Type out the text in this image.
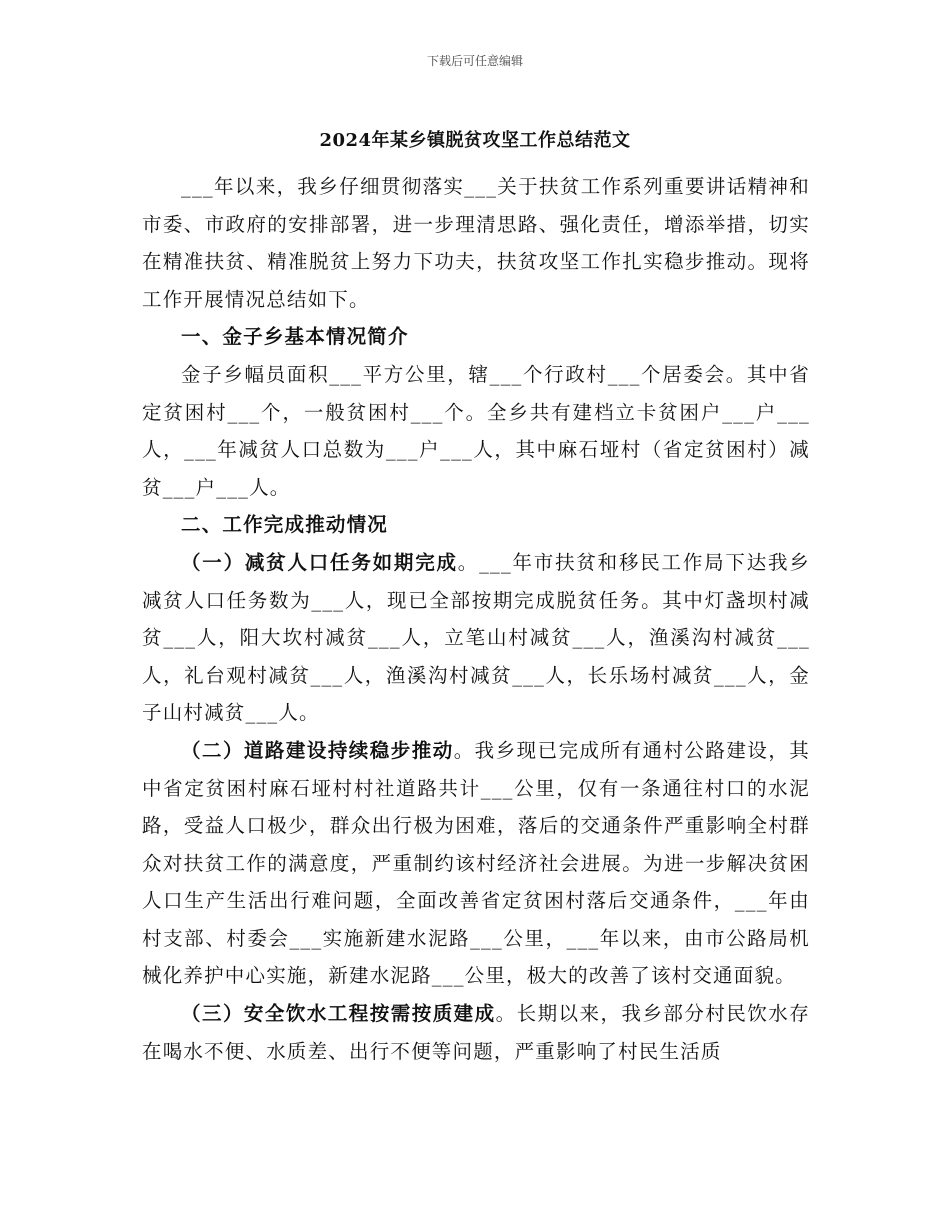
下载后可任意编辑
2024年某乡镇脱贫攻坚工作总结范文

___年以来，我乡仔细贯彻落实___关于扶贫工作系列重要讲话精神和市委、市政府的安排部署，进一步理清思路、强化责任，增添举措，切实在精准扶贫、精准脱贫上努力下功夫，扶贫攻坚工作扎实稳步推动。现将工作开展情况总结如下。

一、金子乡基本情况简介

金子乡幅员面积___平方公里，辖___个行政村___个居委会。其中省定贫困村___个，一般贫困村___个。全乡共有建档立卡贫困户___户___人，___年减贫人口总数为___户___人，其中麻石垭村（省定贫困村）减贫___户___人。

二、工作完成推动情况

（一）减贫人口任务如期完成。___年市扶贫和移民工作局下达我乡减贫人口任务数为___人，现已全部按期完成脱贫任务。其中灯盏坝村减贫___人，阳大坎村减贫___人，立笔山村减贫___人，渔溪沟村减贫___人，礼台观村减贫___人，渔溪沟村减贫___人，长乐场村减贫___人，金子山村减贫___人。

（二）道路建设持续稳步推动。我乡现已完成所有通村公路建设，其中省定贫困村麻石垭村村社道路共计___公里，仅有一条通往村口的水泥路，受益人口极少，群众出行极为困难，落后的交通条件严重影响全村群众对扶贫工作的满意度，严重制约该村经济社会进展。为进一步解决贫困人口生产生活出行难问题，全面改善省定贫困村落后交通条件，___年由村支部、村委会___实施新建水泥路___公里，___年以来，由市公路局机械化养护中心实施，新建水泥路___公里，极大的改善了该村交通面貌。

（三）安全饮水工程按需按质建成。长期以来，我乡部分村民饮水存在喝水不便、水质差、出行不便等问题，严重影响了村民生活质
